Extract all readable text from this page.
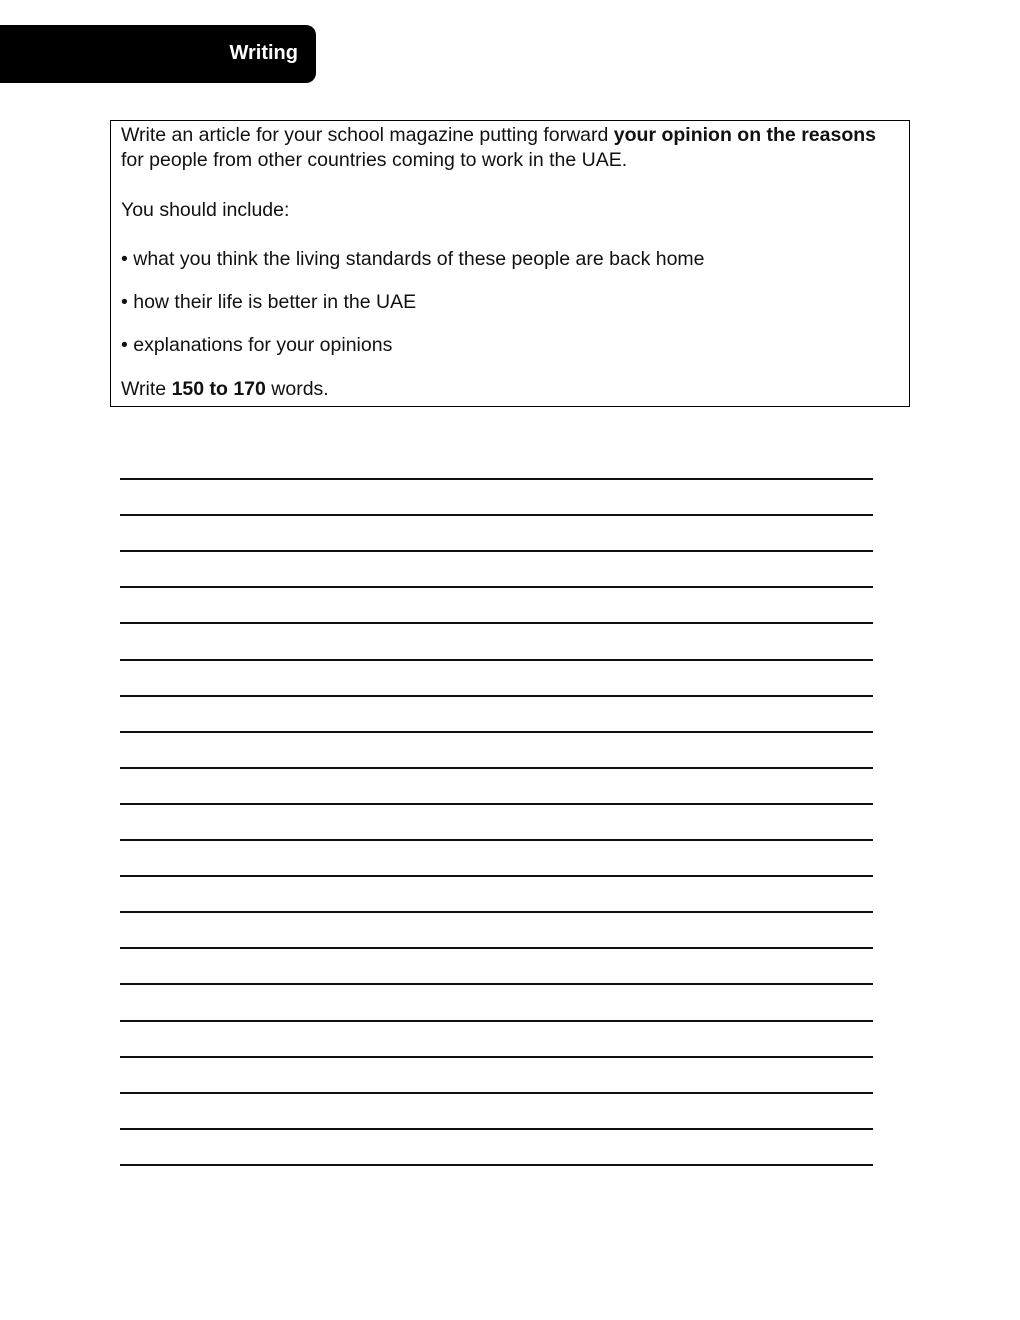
Writing

Write an article for your school magazine putting forward your opinion on the reasons for people from other countries coming to work in the UAE.

You should include:

• what you think the living standards of these people are back home

• how their life is better in the UAE

• explanations for your opinions

Write 150 to 170 words.
